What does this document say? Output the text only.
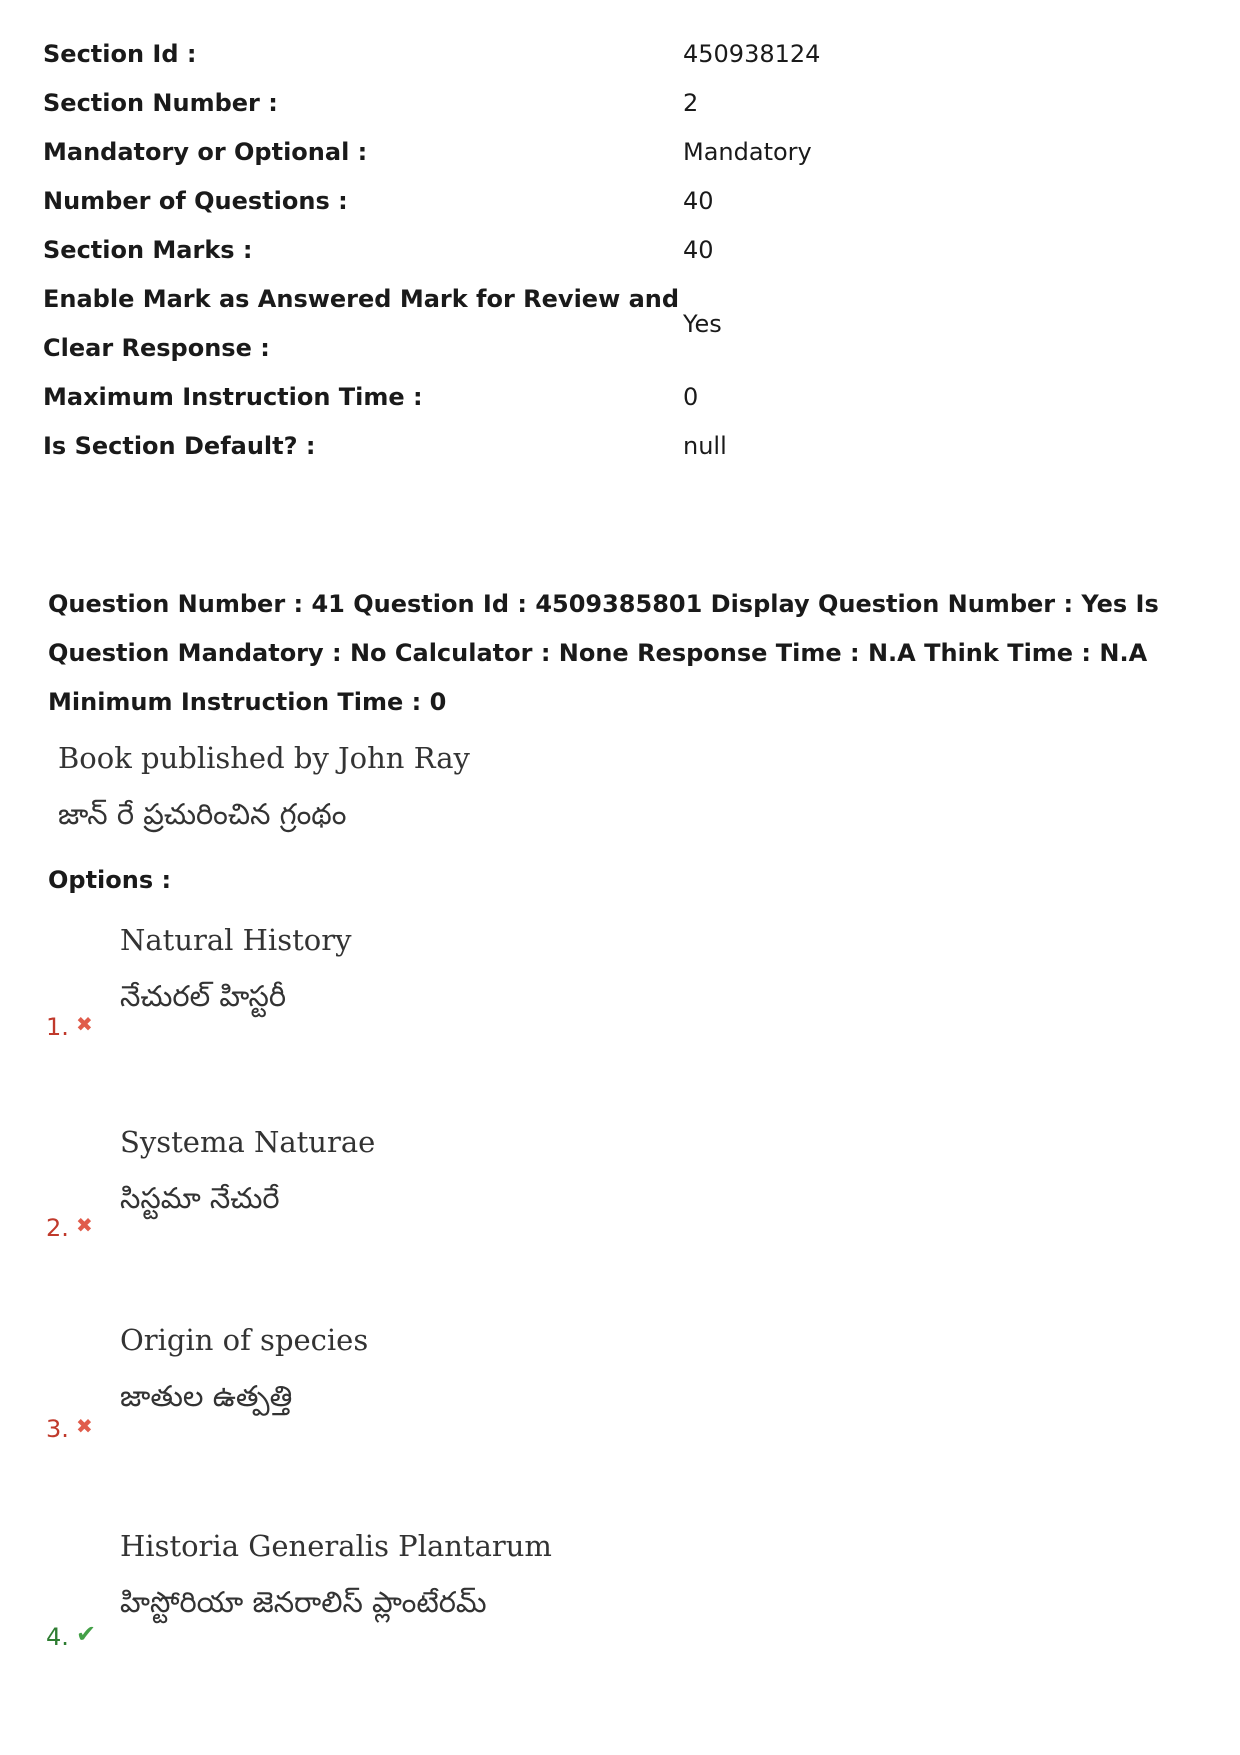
Section Id :	450938124
Section Number :	2
Mandatory or Optional :	Mandatory
Number of Questions :	40
Section Marks :	40
Enable Mark as Answered Mark for Review and
Clear Response :
Yes
Maximum Instruction Time :	0
Is Section Default? :	null
Question Number : 41 Question Id : 4509385801 Display Question Number : Yes Is Question Mandatory : No Calculator : None Response Time : N.A Think Time : N.A Minimum Instruction Time : 0
Book published by John Ray
జాన్ రే ప్రచురించిన గ్రంథం
Options :
Natural History
నేచురల్ హిస్టరీ
1. ✖
Systema Naturae
సిస్టమా నేచురే
2. ✖
Origin of species
జాతుల ఉత్పత్తి
3. ✖
Historia Generalis Plantarum
హిస్టోరియా జెనరాలిస్ ప్లాంటేరమ్
4. ✔
